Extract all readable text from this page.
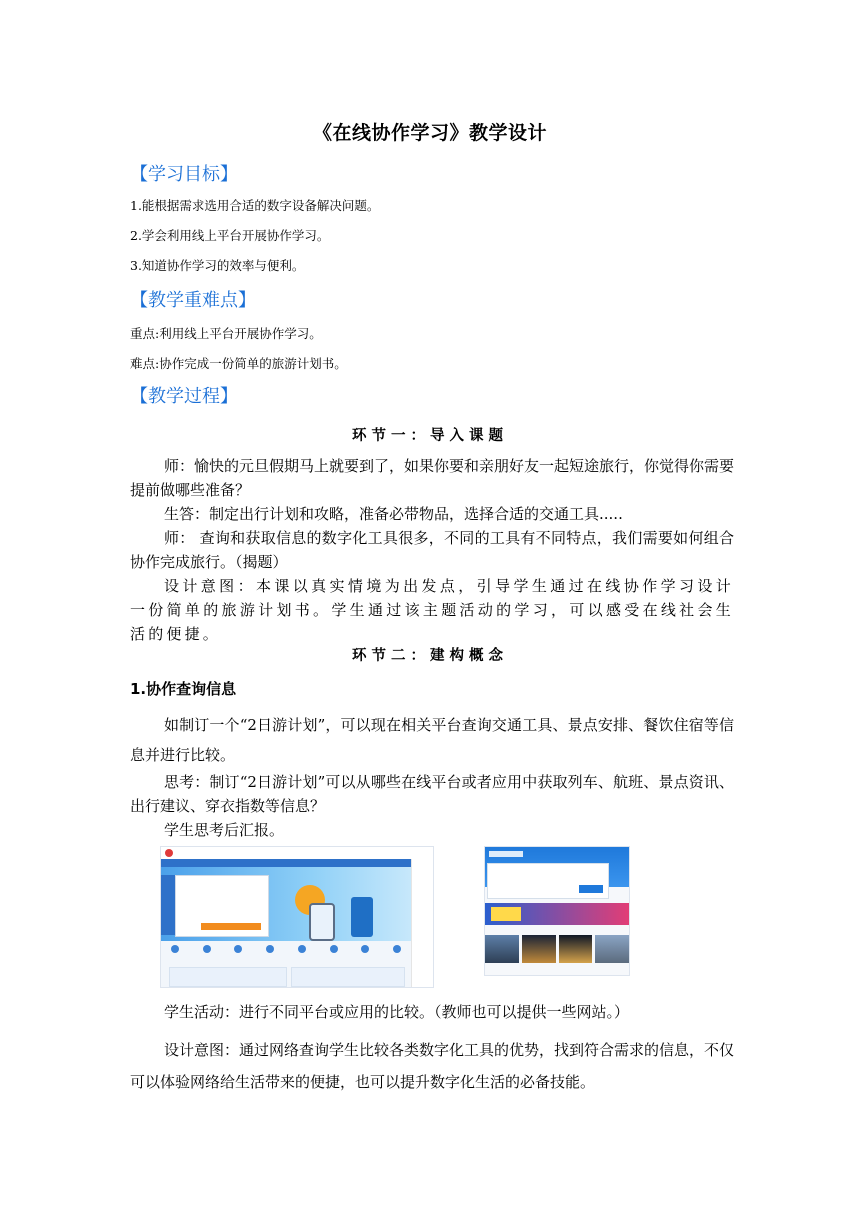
《在线协作学习》教学设计
【学习目标】
1.能根据需求选用合适的数字设备解决问题。
2.学会利用线上平台开展协作学习。
3.知道协作学习的效率与便利。
【教学重难点】
重点:利用线上平台开展协作学习。
难点:协作完成一份简单的旅游计划书。
【教学过程】
环节一：导入课题
师：愉快的元旦假期马上就要到了，如果你要和亲朋好友一起短途旅行，你觉得你需要 提前做哪些准备？
生答：制定出行计划和攻略，准备必带物品，选择合适的交通工具.....
师： 查询和获取信息的数字化工具很多，不同的工具有不同特点，我们需要如何组合协作完成旅行。（揭题）
设计意图：本课以真实情境为出发点，引导学生通过在线协作学习设计一份简单的旅游计划书。学生通过该主题活动的学习，可以感受在线社会生活的便捷。
环节二：建构概念
1.协作查询信息
如制订一个“2日游计划”，可以现在相关平台查询交通工具、景点安排、餐饮住宿等信息并进行比较。
思考：制订“2日游计划”可以从哪些在线平台或者应用中获取列车、航班、景点资讯、出行建议、穿衣指数等信息？
学生思考后汇报。
学生活动：进行不同平台或应用的比较。（教师也可以提供一些网站。）
设计意图：通过网络查询学生比较各类数字化工具的优势，找到符合需求的信息，不仅可以体验网络给生活带来的便捷，也可以提升数字化生活的必备技能。
